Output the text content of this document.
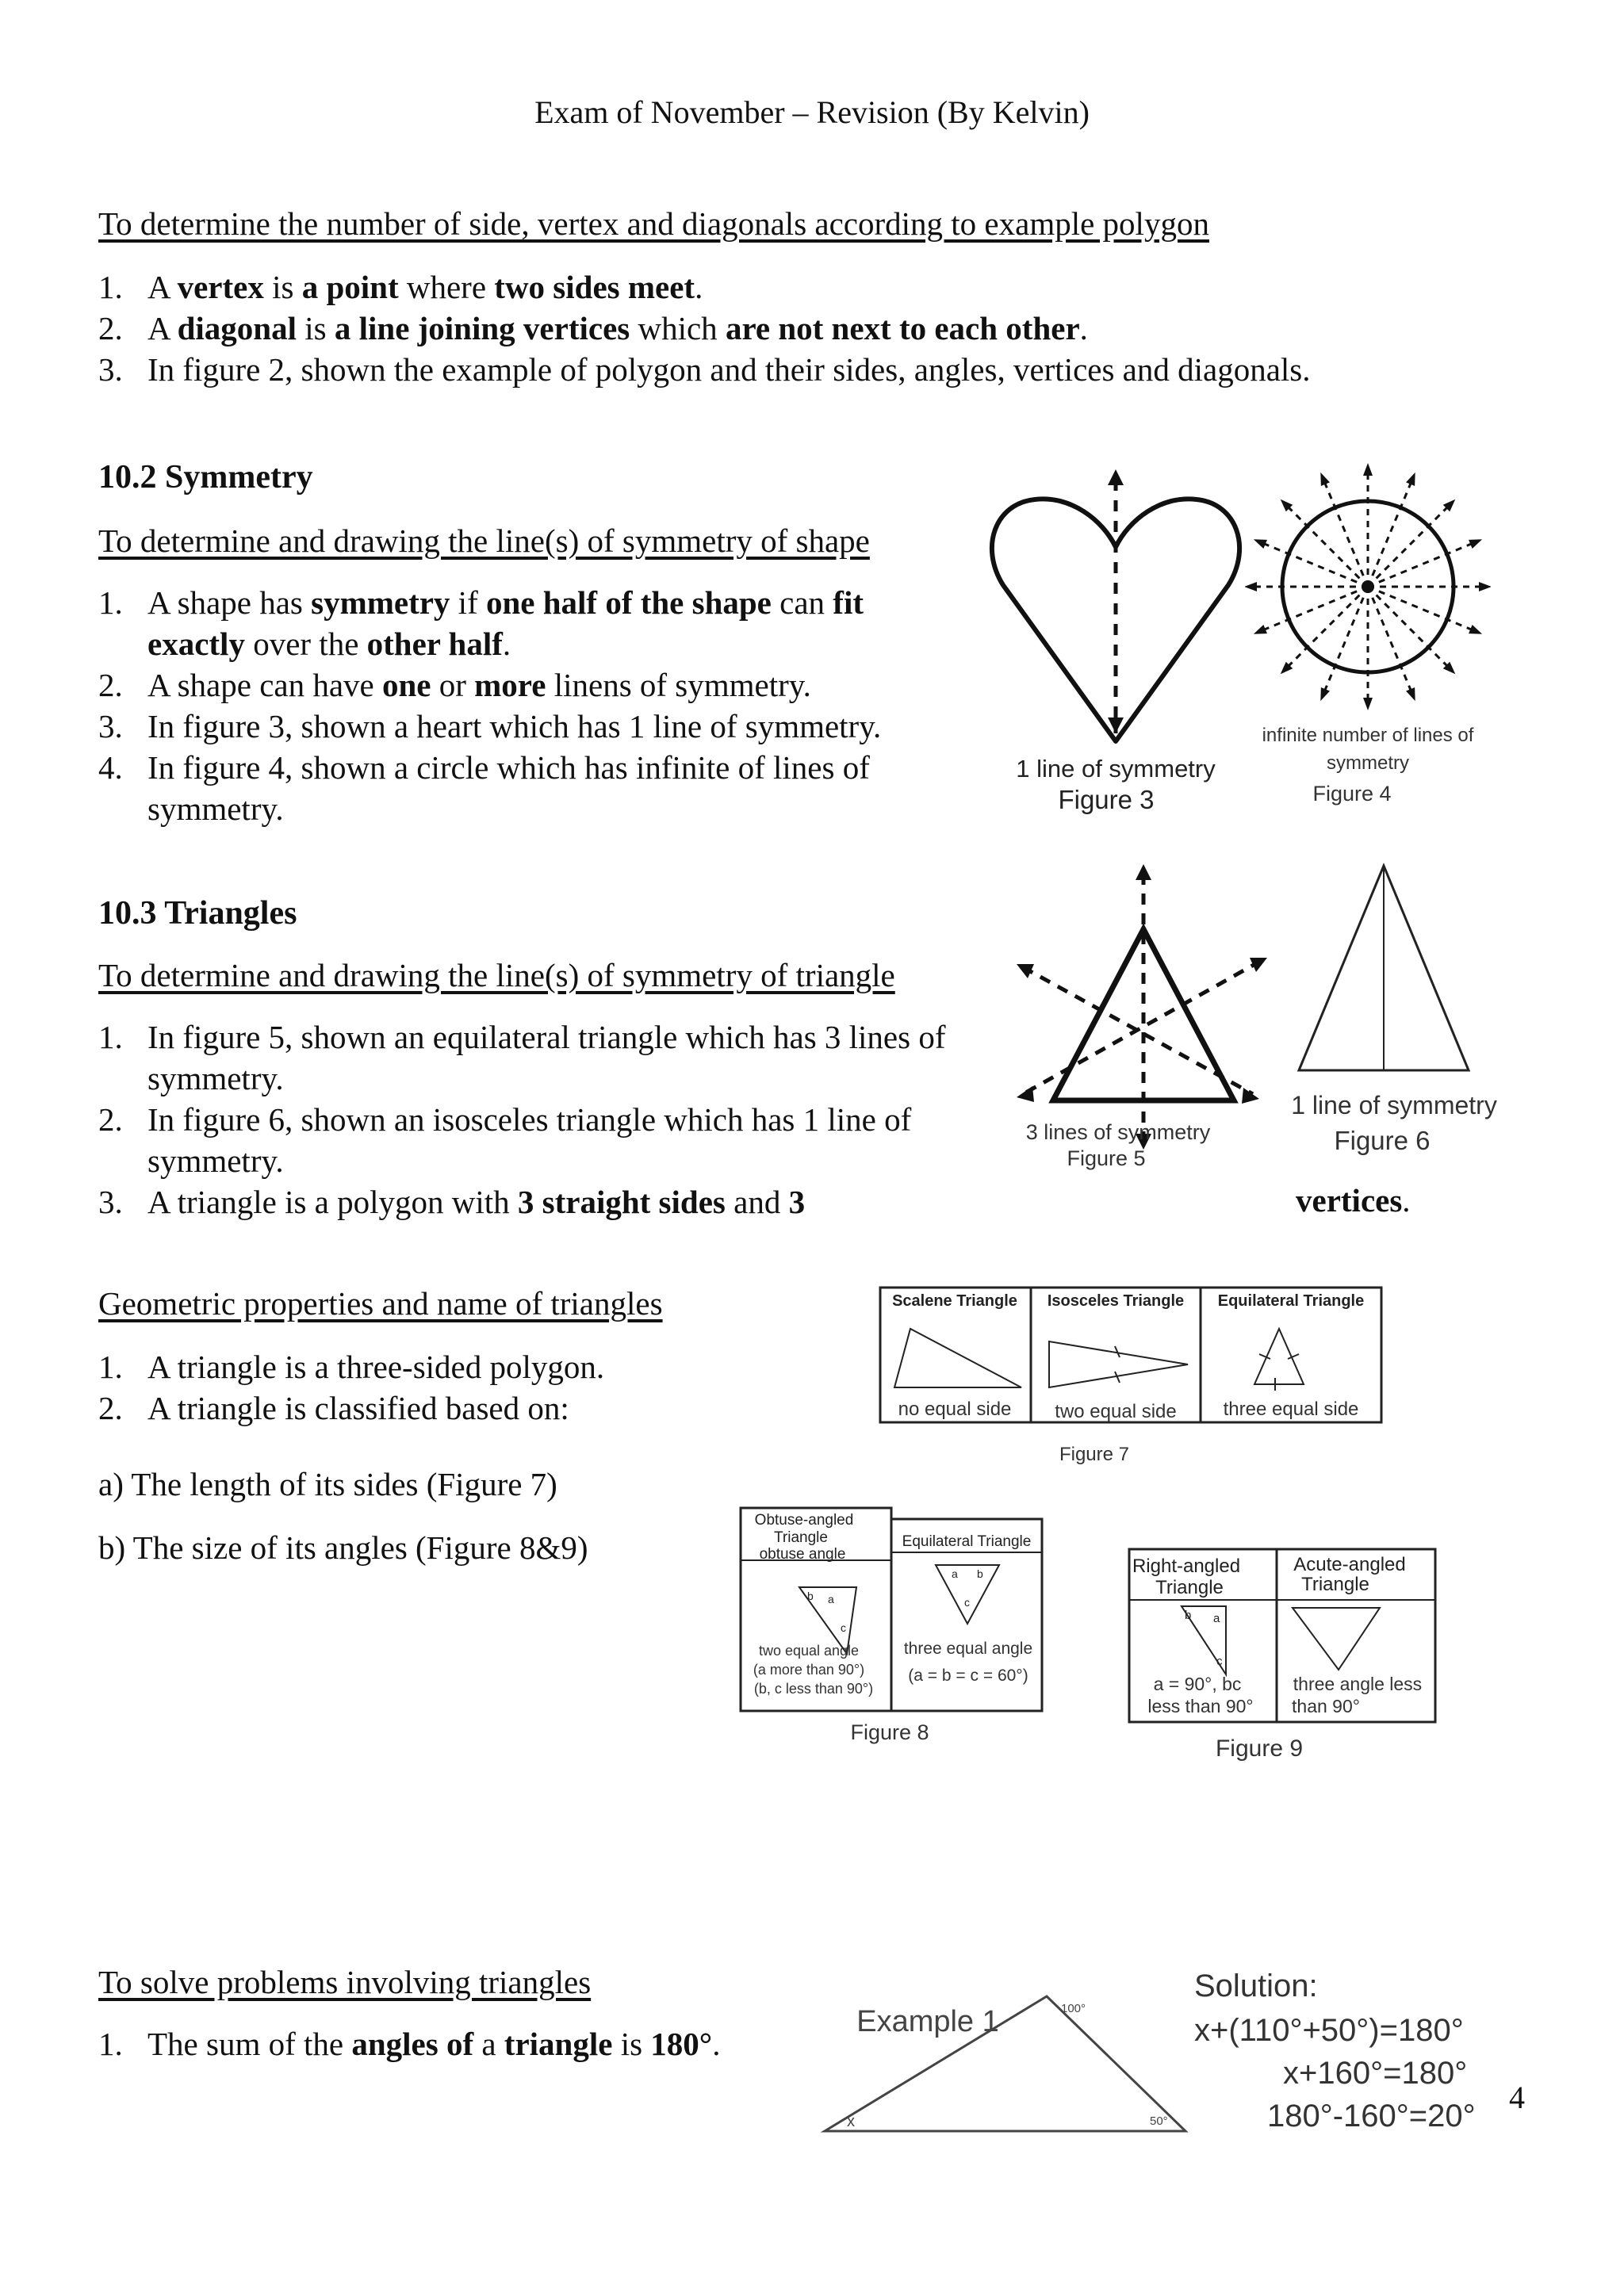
Exam of November – Revision (By Kelvin)
To determine the number of side, vertex and diagonals according to example polygon
1. A vertex is a point where two sides meet.
2. A diagonal is a line joining vertices which are not next to each other.
3. In figure 2, shown the example of polygon and their sides, angles, vertices and diagonals.
10.2 Symmetry
To determine and drawing the line(s) of symmetry of shape
1. A shape has symmetry if one half of the shape can fit exactly over the other half.
2. A shape can have one or more linens of symmetry.
3. In figure 3, shown a heart which has 1 line of symmetry.
4. In figure 4, shown a circle which has infinite of lines of symmetry.
1 line of symmetry
Figure 3
infinite number of lines of
symmetry
Figure 4
10.3 Triangles
To determine and drawing the line(s) of symmetry of triangle
1. In figure 5, shown an equilateral triangle which has 3 lines of symmetry.
2. In figure 6, shown an isosceles triangle which has 1 line of symmetry.
3. A triangle is a polygon with 3 straight sides and 3	vertices.
3 lines of symmetry
Figure 5
1 line of symmetry
Figure 6
Geometric properties and name of triangles
1. A triangle is a three-sided polygon.
2. A triangle is classified based on:
a) The length of its sides (Figure 7)
b) The size of its angles (Figure 8&9)
Scalene Triangle Isosceles Triangle Equilateral Triangle
no equal side two equal side three equal side
Figure 7
Obtuse-angled
Triangle
obtuse angle
b a
c
two equal angle
(a more than 90°)
(b, c less than 90°)
Equilateral Triangle
a b
c
three equal angle
(a = b = c = 60°)
Figure 8
Right-angled
Triangle
b a
c
a = 90°, bc
less than 90°
Acute-angled
Triangle
three angle less
than 90°
Figure 9
To solve problems involving triangles
1. The sum of the angles of a triangle is 180°.
Example 1	100°
50°
x
Solution:
x+(110°+50°)=180°
x+160°=180°
180°-160°=20°
4
